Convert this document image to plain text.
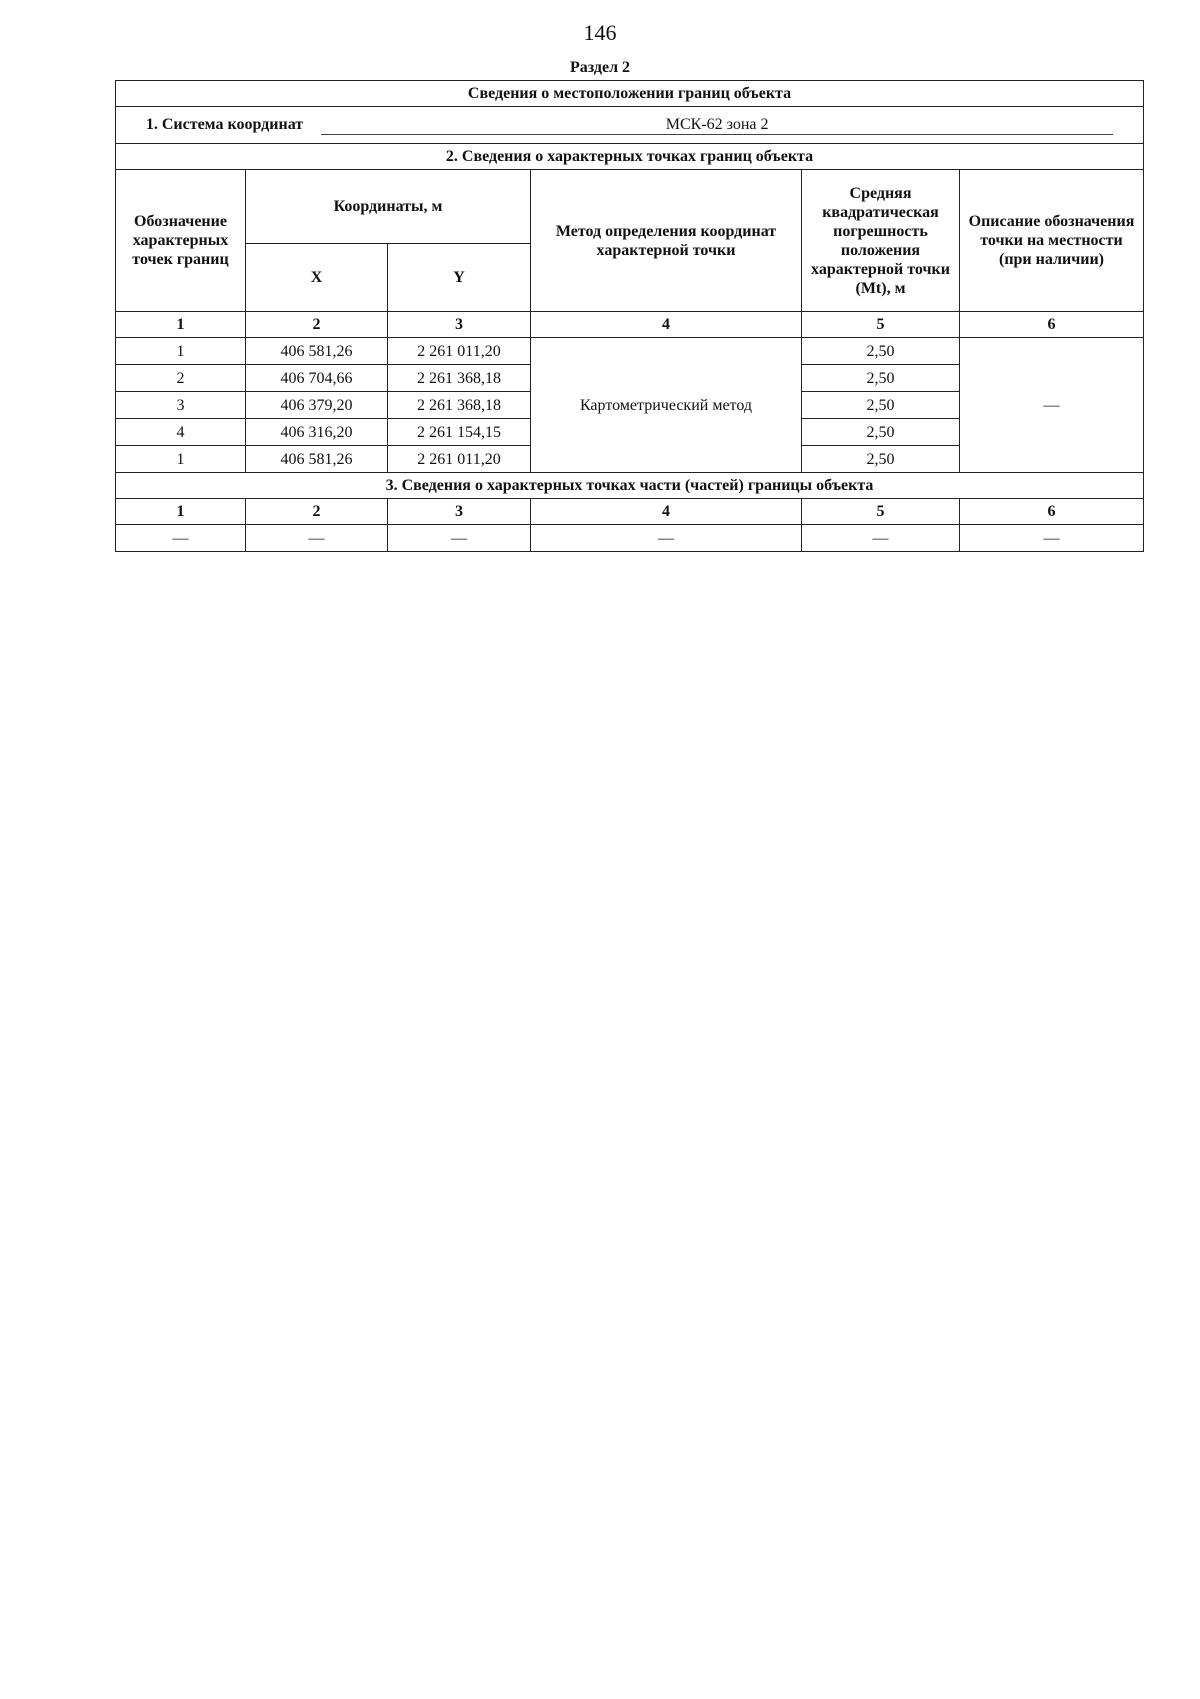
146
Раздел 2
Сведения о местоположении границ объекта					
1. Система координат МСК-62 зона 2					
2. Сведения о характерных точках границ объекта					
Обозначение характерных точек границ	Координаты, м		Метод определения координат характерной точки	Средняя квадратическая погрешность положения характерной точки (Mt), м	Описание обозначения точки на местности (при наличии)
	X	Y			
1	2	3	4	5	6
1	406 581,26	2 261 011,20	Картометрический метод	2,50	—
2	406 704,66	2 261 368,18		2,50	
3	406 379,20	2 261 368,18		2,50	
4	406 316,20	2 261 154,15		2,50	
1	406 581,26	2 261 011,20		2,50	
3. Сведения о характерных точках части (частей) границы объекта					
1	2	3	4	5	6
—	—	—	—	—	—
